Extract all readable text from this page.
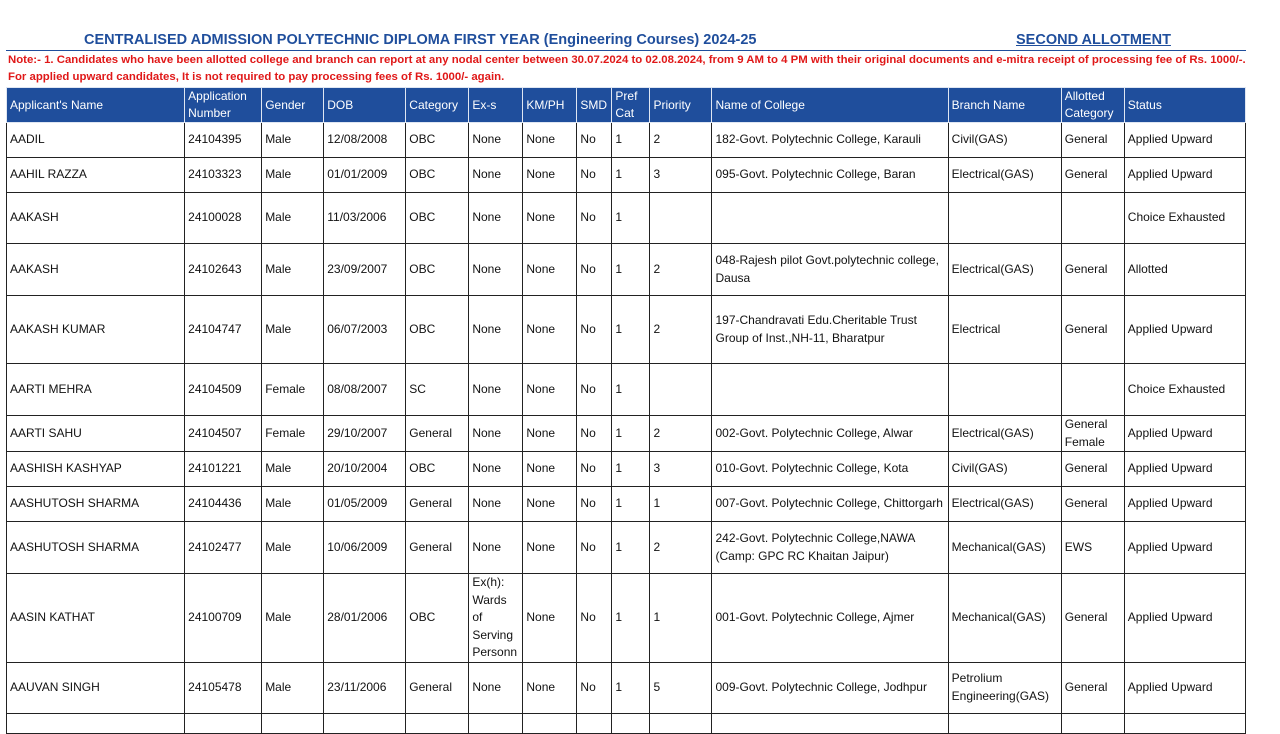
CENTRALISED ADMISSION POLYTECHNIC DIPLOMA FIRST YEAR (Engineering Courses) 2024-25	SECOND ALLOTMENT
Note:- 1. Candidates who have been allotted college and branch can report at any nodal center between 30.07.2024 to 02.08.2024, from 9 AM to 4 PM with their original documents and e-mitra receipt of processing fee of Rs. 1000/-. For applied upward candidates, It is not required to pay processing fees of Rs. 1000/- again.
Applicant's Name	Application Number	Gender	DOB	Category	Ex-s	KM/PH	SMD	Pref Cat	Priority	Name of College	Branch Name	Allotted Category	Status
AADIL	24104395	Male	12/08/2008	OBC	None	None	No	1	2	182-Govt. Polytechnic College, Karauli	Civil(GAS)	General	Applied Upward
AAHIL RAZZA	24103323	Male	01/01/2009	OBC	None	None	No	1	3	095-Govt. Polytechnic College, Baran	Electrical(GAS)	General	Applied Upward
AAKASH	24100028	Male	11/03/2006	OBC	None	None	No	1					Choice Exhausted
AAKASH	24102643	Male	23/09/2007	OBC	None	None	No	1	2	048-Rajesh pilot Govt.polytechnic college, Dausa	Electrical(GAS)	General	Allotted
AAKASH KUMAR	24104747	Male	06/07/2003	OBC	None	None	No	1	2	197-Chandravati Edu.Cheritable Trust Group of Inst.,NH-11, Bharatpur	Electrical	General	Applied Upward
AARTI MEHRA	24104509	Female	08/08/2007	SC	None	None	No	1					Choice Exhausted
AARTI SAHU	24104507	Female	29/10/2007	General	None	None	No	1	2	002-Govt. Polytechnic College, Alwar	Electrical(GAS)	General Female	Applied Upward
AASHISH KASHYAP	24101221	Male	20/10/2004	OBC	None	None	No	1	3	010-Govt. Polytechnic College, Kota	Civil(GAS)	General	Applied Upward
AASHUTOSH SHARMA	24104436	Male	01/05/2009	General	None	None	No	1	1	007-Govt. Polytechnic College, Chittorgarh	Electrical(GAS)	General	Applied Upward
AASHUTOSH SHARMA	24102477	Male	10/06/2009	General	None	None	No	1	2	242-Govt. Polytechnic College,NAWA (Camp: GPC RC Khaitan Jaipur)	Mechanical(GAS)	EWS	Applied Upward
AASIN KATHAT	24100709	Male	28/01/2006	OBC	Ex(h): Wards of Serving Personn	None	No	1	1	001-Govt. Polytechnic College, Ajmer	Mechanical(GAS)	General	Applied Upward
AAUVAN SINGH	24105478	Male	23/11/2006	General	None	None	No	1	5	009-Govt. Polytechnic College, Jodhpur	Petrolium Engineering(GAS)	General	Applied Upward
